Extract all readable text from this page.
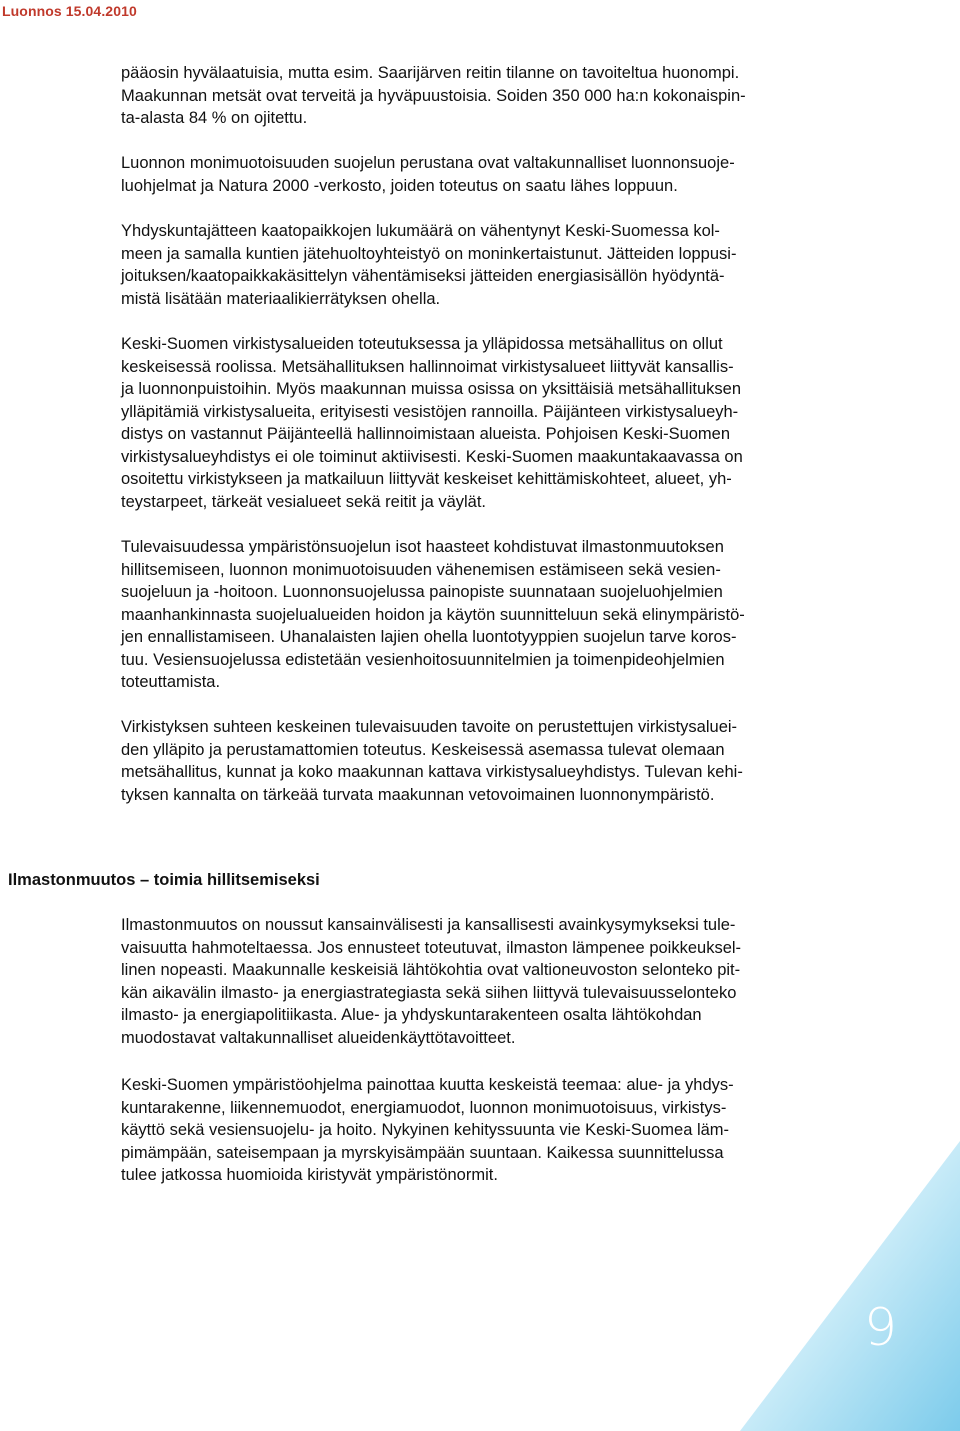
Luonnos 15.04.2010
pääosin hyvälaatuisia, mutta esim. Saarijärven reitin tilanne on tavoiteltua huonompi.
Maakunnan metsät ovat terveitä ja hyväpuustoisia. Soiden 350 000 ha:n kokonaispin-
ta-alasta 84 % on ojitettu.
Luonnon monimuotoisuuden suojelun perustana ovat valtakunnalliset luonnonsuoje-
luohjelmat ja Natura 2000 -verkosto, joiden toteutus on saatu lähes loppuun.
Yhdyskuntajätteen kaatopaikkojen lukumäärä on vähentynyt Keski-Suomessa kol-
meen ja samalla kuntien jätehuoltoyhteistyö on moninkertaistunut. Jätteiden loppusi-
joituksen/kaatopaikkakäsittelyn vähentämiseksi jätteiden energiasisällön hyödyntä-
mistä lisätään materiaalikierrätyksen ohella.
Keski-Suomen virkistysalueiden toteutuksessa ja ylläpidossa metsähallitus on ollut
keskeisessä roolissa. Metsähallituksen hallinnoimat virkistysalueet liittyvät kansallis-
ja luonnonpuistoihin. Myös maakunnan muissa osissa on yksittäisiä metsähallituksen
ylläpitämiä virkistysalueita, erityisesti vesistöjen rannoilla. Päijänteen virkistysalueyh-
distys on vastannut Päijänteellä hallinnoimistaan alueista. Pohjoisen Keski-Suomen
virkistysalueyhdistys ei ole toiminut aktiivisesti. Keski-Suomen maakuntakaavassa on
osoitettu virkistykseen ja matkailuun liittyvät keskeiset kehittämiskohteet, alueet, yh-
teystarpeet, tärkeät vesialueet sekä reitit ja väylät.
Tulevaisuudessa ympäristönsuojelun isot haasteet kohdistuvat ilmastonmuutoksen
hillitsemiseen, luonnon monimuotoisuuden vähenemisen estämiseen sekä vesien-
suojeluun ja -hoitoon. Luonnonsuojelussa painopiste suunnataan suojeluohjelmien
maanhankinnasta suojelualueiden hoidon ja käytön suunnitteluun sekä elinympäristö-
jen ennallistamiseen. Uhanalaisten lajien ohella luontotyyppien suojelun tarve koros-
tuu. Vesiensuojelussa edistetään vesienhoitosuunnitelmien ja toimenpideohjelmien
toteuttamista.
Virkistyksen suhteen keskeinen tulevaisuuden tavoite on perustettujen virkistysaluei-
den ylläpito ja perustamattomien toteutus. Keskeisessä asemassa tulevat olemaan
metsähallitus, kunnat ja koko maakunnan kattava virkistysalueyhdistys. Tulevan kehi-
tyksen kannalta on tärkeää turvata maakunnan vetovoimainen luonnonympäristö.
Ilmastonmuutos – toimia hillitsemiseksi
Ilmastonmuutos on noussut kansainvälisesti ja kansallisesti avainkysymykseksi tule-
vaisuutta hahmoteltaessa. Jos ennusteet toteutuvat, ilmaston lämpenee poikkeuksel-
linen nopeasti. Maakunnalle keskeisiä lähtökohtia ovat valtioneuvoston selonteko pit-
kän aikavälin ilmasto- ja energiastrategiasta sekä siihen liittyvä tulevaisuusselonteko
ilmasto- ja energiapolitiikasta. Alue- ja yhdyskuntarakenteen osalta lähtökohdan
muodostavat valtakunnalliset alueidenkäyttötavoitteet.
Keski-Suomen ympäristöohjelma painottaa kuutta keskeistä teemaa: alue- ja yhdys-
kuntarakenne, liikennemuodot, energiamuodot, luonnon monimuotoisuus, virkistys-
käyttö sekä vesiensuojelu- ja hoito. Nykyinen kehityssuunta vie Keski-Suomea läm-
pimämpään, sateisempaan ja myrskyisämpään suuntaan. Kaikessa suunnittelussa
tulee jatkossa huomioida kiristyvät ympäristönormit.
9
